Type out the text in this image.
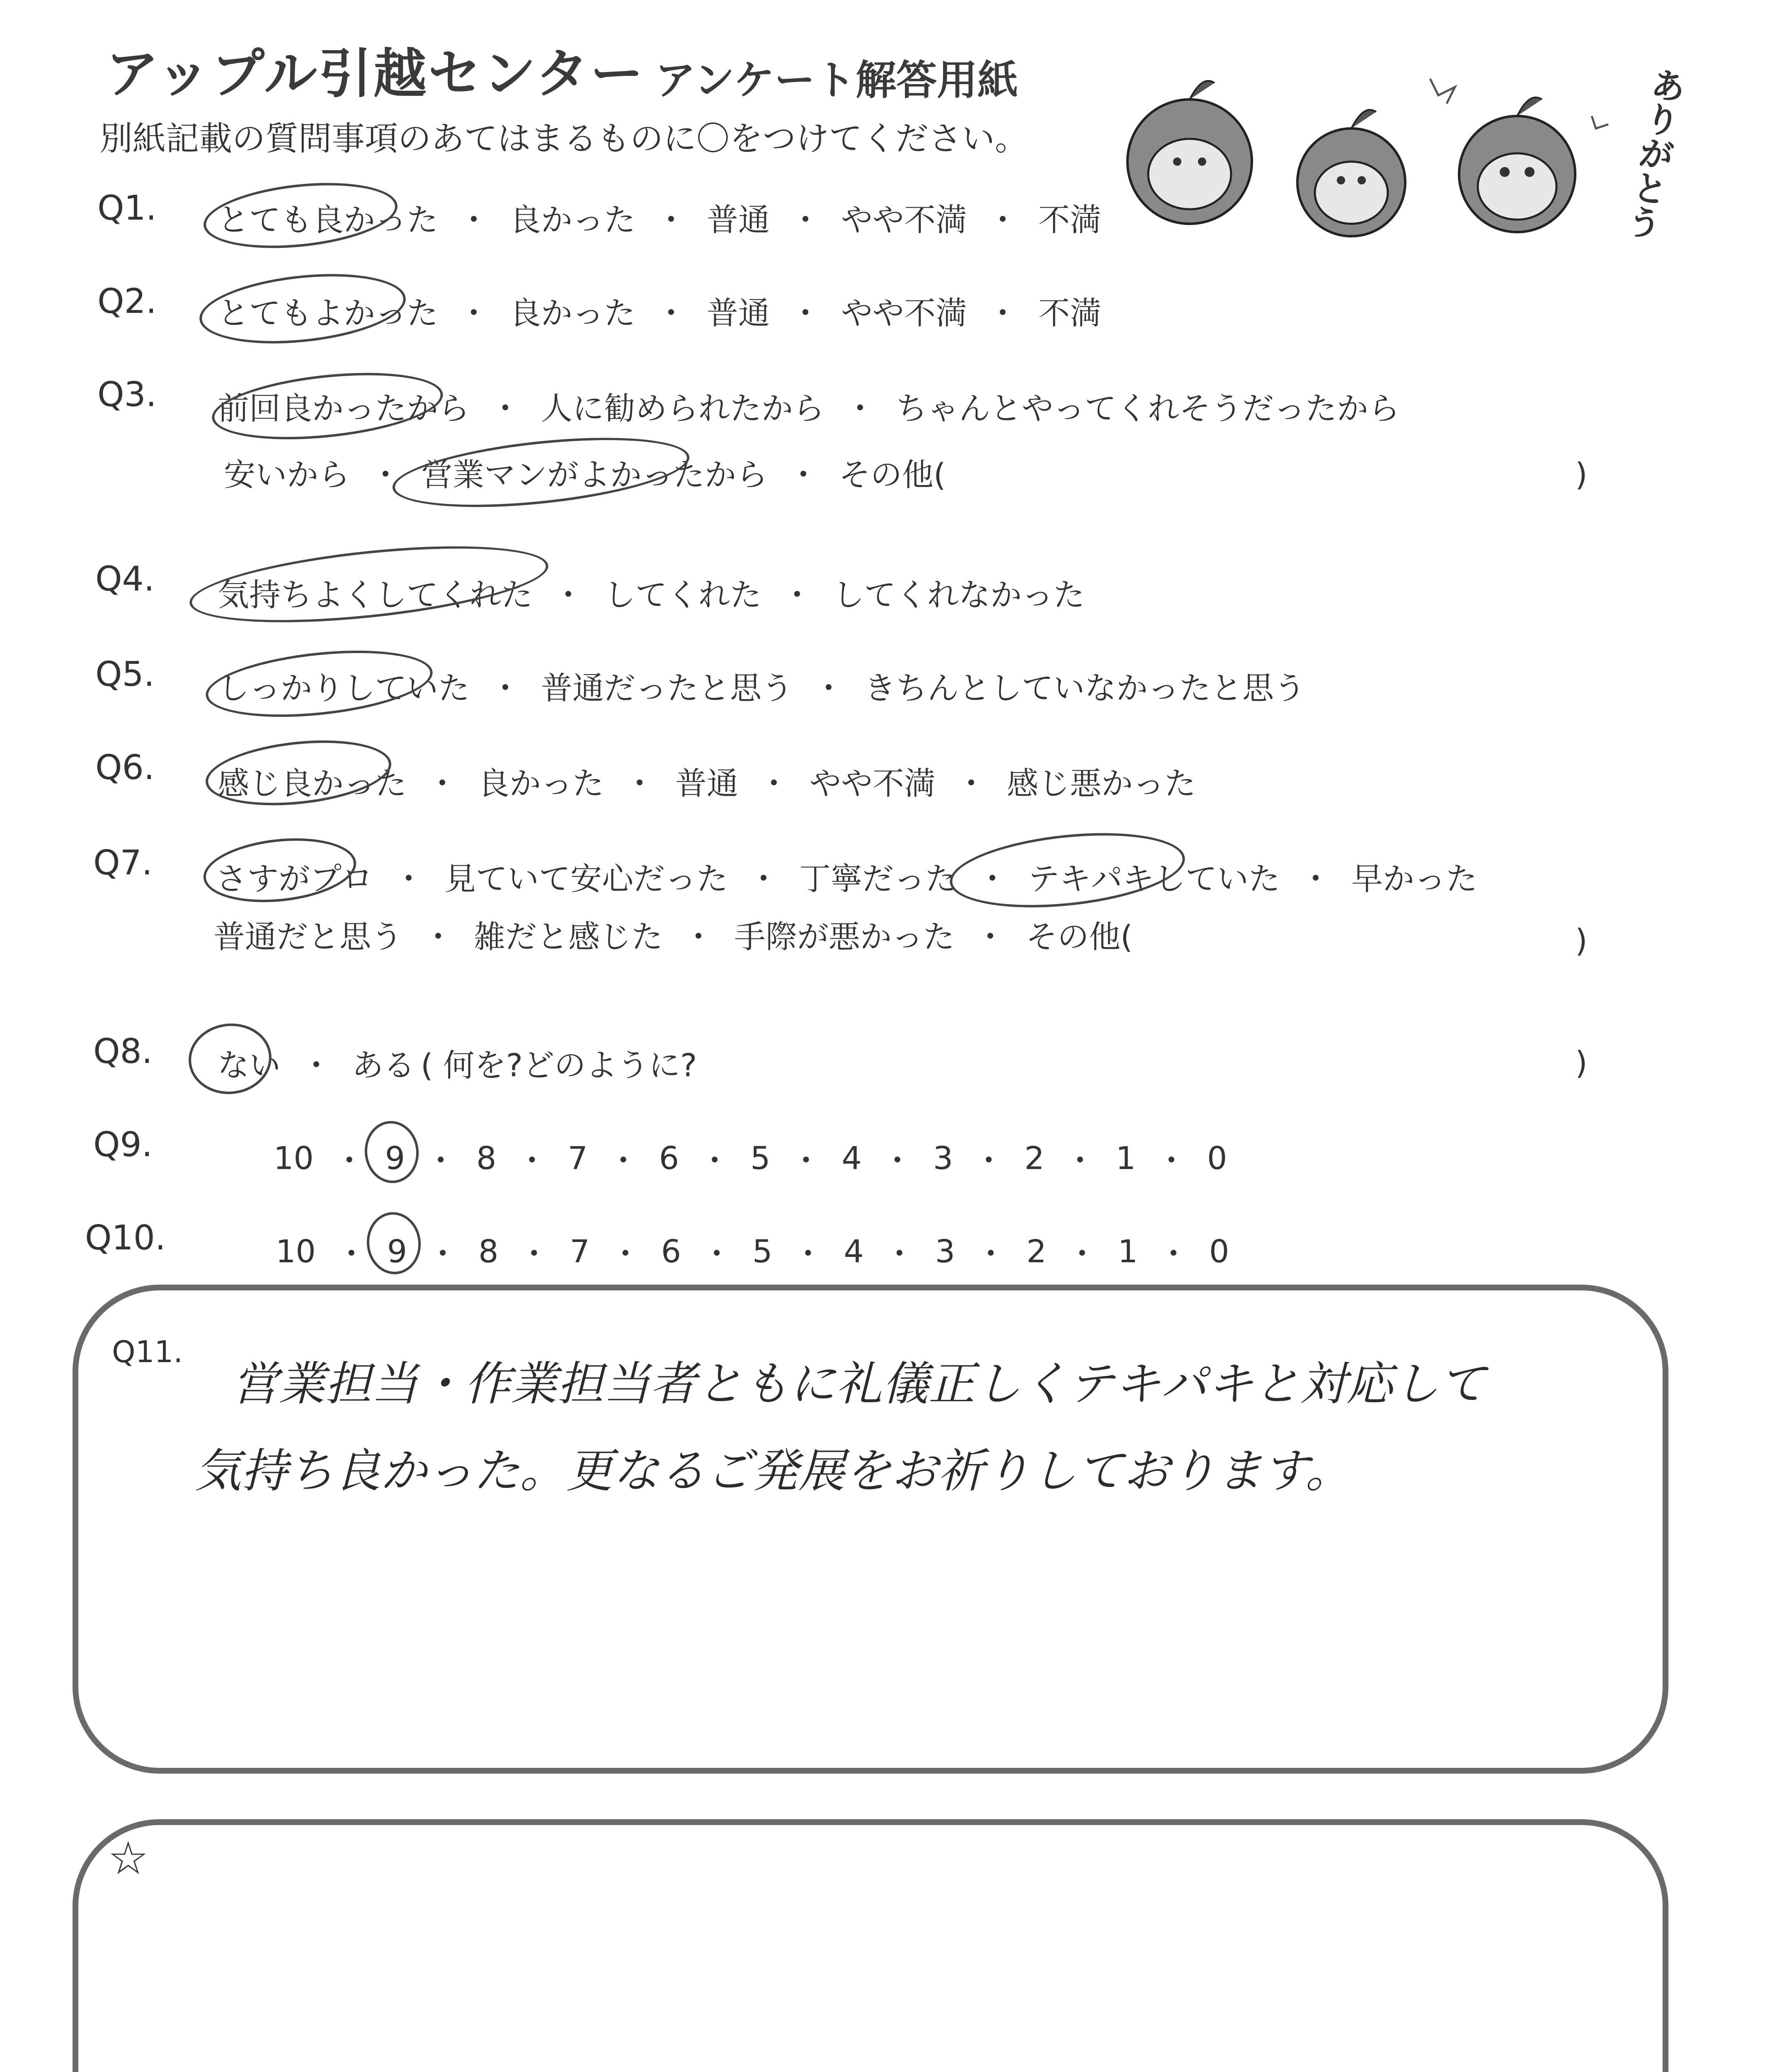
アップル引越センター アンケート解答用紙
別紙記載の質問事項のあてはまるものに〇をつけてください。	ありがとう
Q1. とても良かった ・ 良かった ・ 普通 ・ やや不満 ・ 不満
Q2. とてもよかった ・ 良かった ・ 普通 ・ やや不満 ・ 不満
Q3. 前回良かったから ・ 人に勧められたから ・ ちゃんとやってくれそうだったから
安いから ・ 営業マンがよかったから ・ その他(	)
Q4. 気持ちよくしてくれた ・ してくれた ・ してくれなかった
Q5. しっかりしていた ・ 普通だったと思う ・ きちんとしていなかったと思う
Q6. 感じ良かった ・ 良かった ・ 普通 ・ やや不満 ・ 感じ悪かった
Q7. さすがプロ ・ 見ていて安心だった ・ 丁寧だった ・ テキパキしていた ・ 早かった
普通だと思う ・ 雑だと感じた ・ 手際が悪かった ・ その他(	)
Q8. ない ・ ある ( 何を?どのように?	)
Q9.	10 ・ 9 ・ 8 ・ 7 ・ 6 ・ 5 ・ 4 ・ 3 ・ 2 ・ 1 ・ 0
Q10.	10 ・ 9 ・ 8 ・ 7 ・ 6 ・ 5 ・ 4 ・ 3 ・ 2 ・ 1 ・ 0
Q11.
営業担当・作業担当者ともに礼儀正しくテキパキと対応して
気持ち良かった。更なるご発展をお祈りしております。
☆
